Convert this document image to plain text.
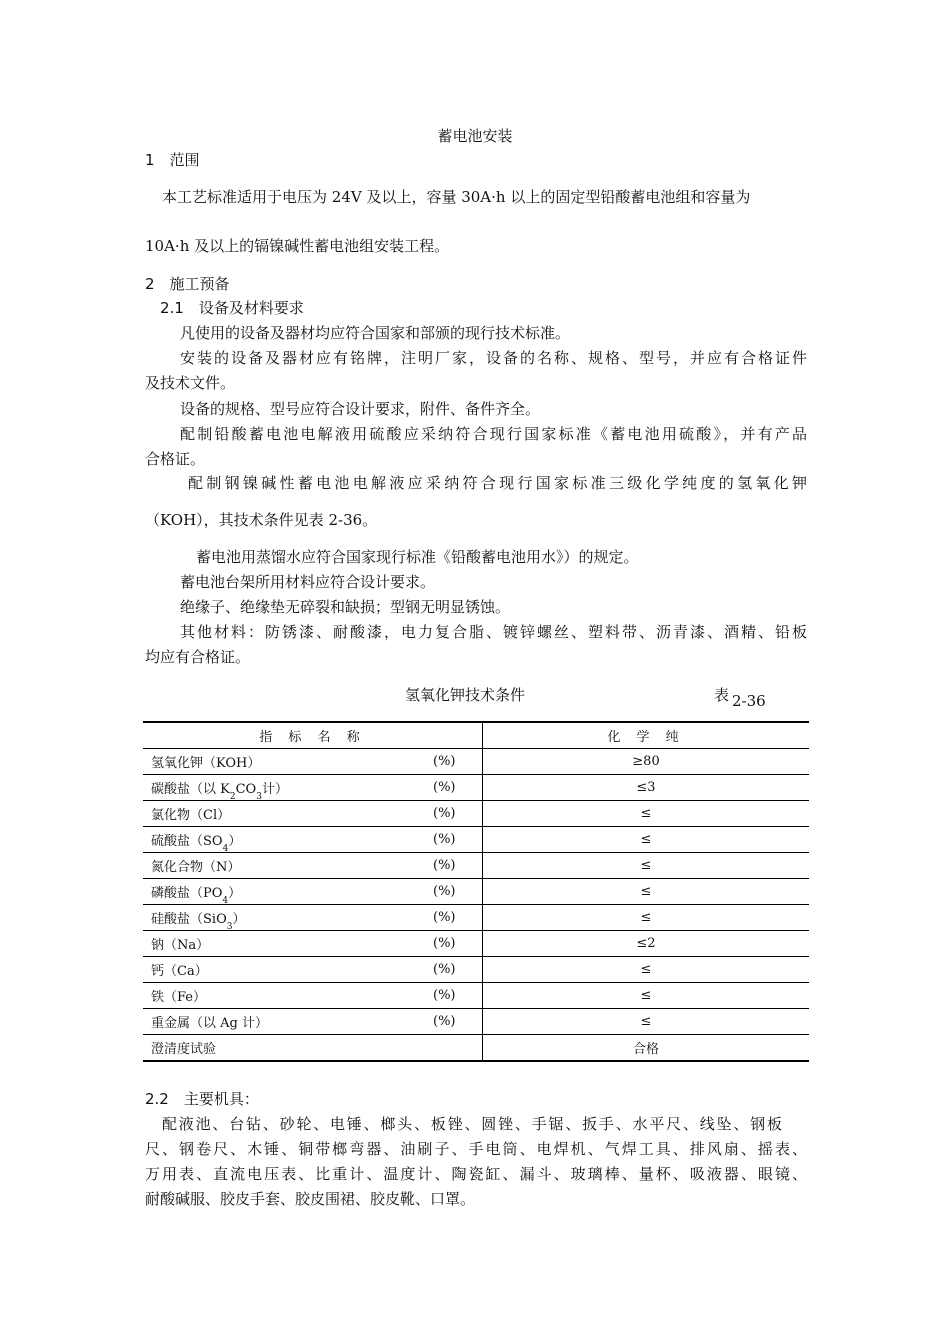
蓄电池安装
1　范围
本工艺标准适用于电压为 24V 及以上，容量 30A·h 以上的固定型铅酸蓄电池组和容量为
10A·h 及以上的镉镍碱性蓄电池组安装工程。
2　施工预备
2.1　设备及材料要求
凡使用的设备及器材均应符合国家和部颁的现行技术标准。
安装的设备及器材应有铭牌，注明厂家，设备的名称、规格、型号，并应有合格证件
及技术文件。
设备的规格、型号应符合设计要求，附件、备件齐全。
配制铅酸蓄电池电解液用硫酸应采纳符合现行国家标准《蓄电池用硫酸》，并有产品
合格证。
配制钢镍碱性蓄电池电解液应采纳符合现行国家标准三级化学纯度的氢氧化钾
（KOH），其技术条件见表 2-36。
蓄电池用蒸馏水应符合国家现行标准《铅酸蓄电池用水》）的规定。
蓄电池台架所用材料应符合设计要求。
绝缘子、绝缘垫无碎裂和缺损；型钢无明显锈蚀。
其他材料：防锈漆、耐酸漆，电力复合脂、镀锌螺丝、塑料带、沥青漆、酒精、铅板
均应有合格证。
氢氧化钾技术条件	表 2-36
指 标 名 称	化 学 纯
氢氧化钾（KOH） (%)	≥80
碳酸盐（以 $K_2CO_3$计） (%)	≤3
氯化物（Cl） (%)	≤
硫酸盐$(SO_4)$ (%)	≤
氮化合物（N） (%)	≤
磷酸盐$(PO_4)$ (%)	≤
硅酸盐（SiO$_3$） (%)	≤
钠（Na） (%)	≤2
钙（Ca） (%)	≤
铁（Fe） (%)	≤
重金属（以 Ag 计） (%)	≤
澄清度试验	合格
2.2　主要机具：
配液池、台钻、砂轮、电锤、榔头、板锉、圆锉、手锯、扳手、水平尺、线坠、钢板
尺、钢卷尺、木锤、铜带榔弯器、油刷子、手电筒、电焊机、气焊工具、排风扇、摇表、
万用表、直流电压表、比重计、温度计、陶瓷缸、漏斗、玻璃棒、量杯、吸液器、眼镜、
耐酸碱服、胶皮手套、胶皮围裙、胶皮靴、口罩。
